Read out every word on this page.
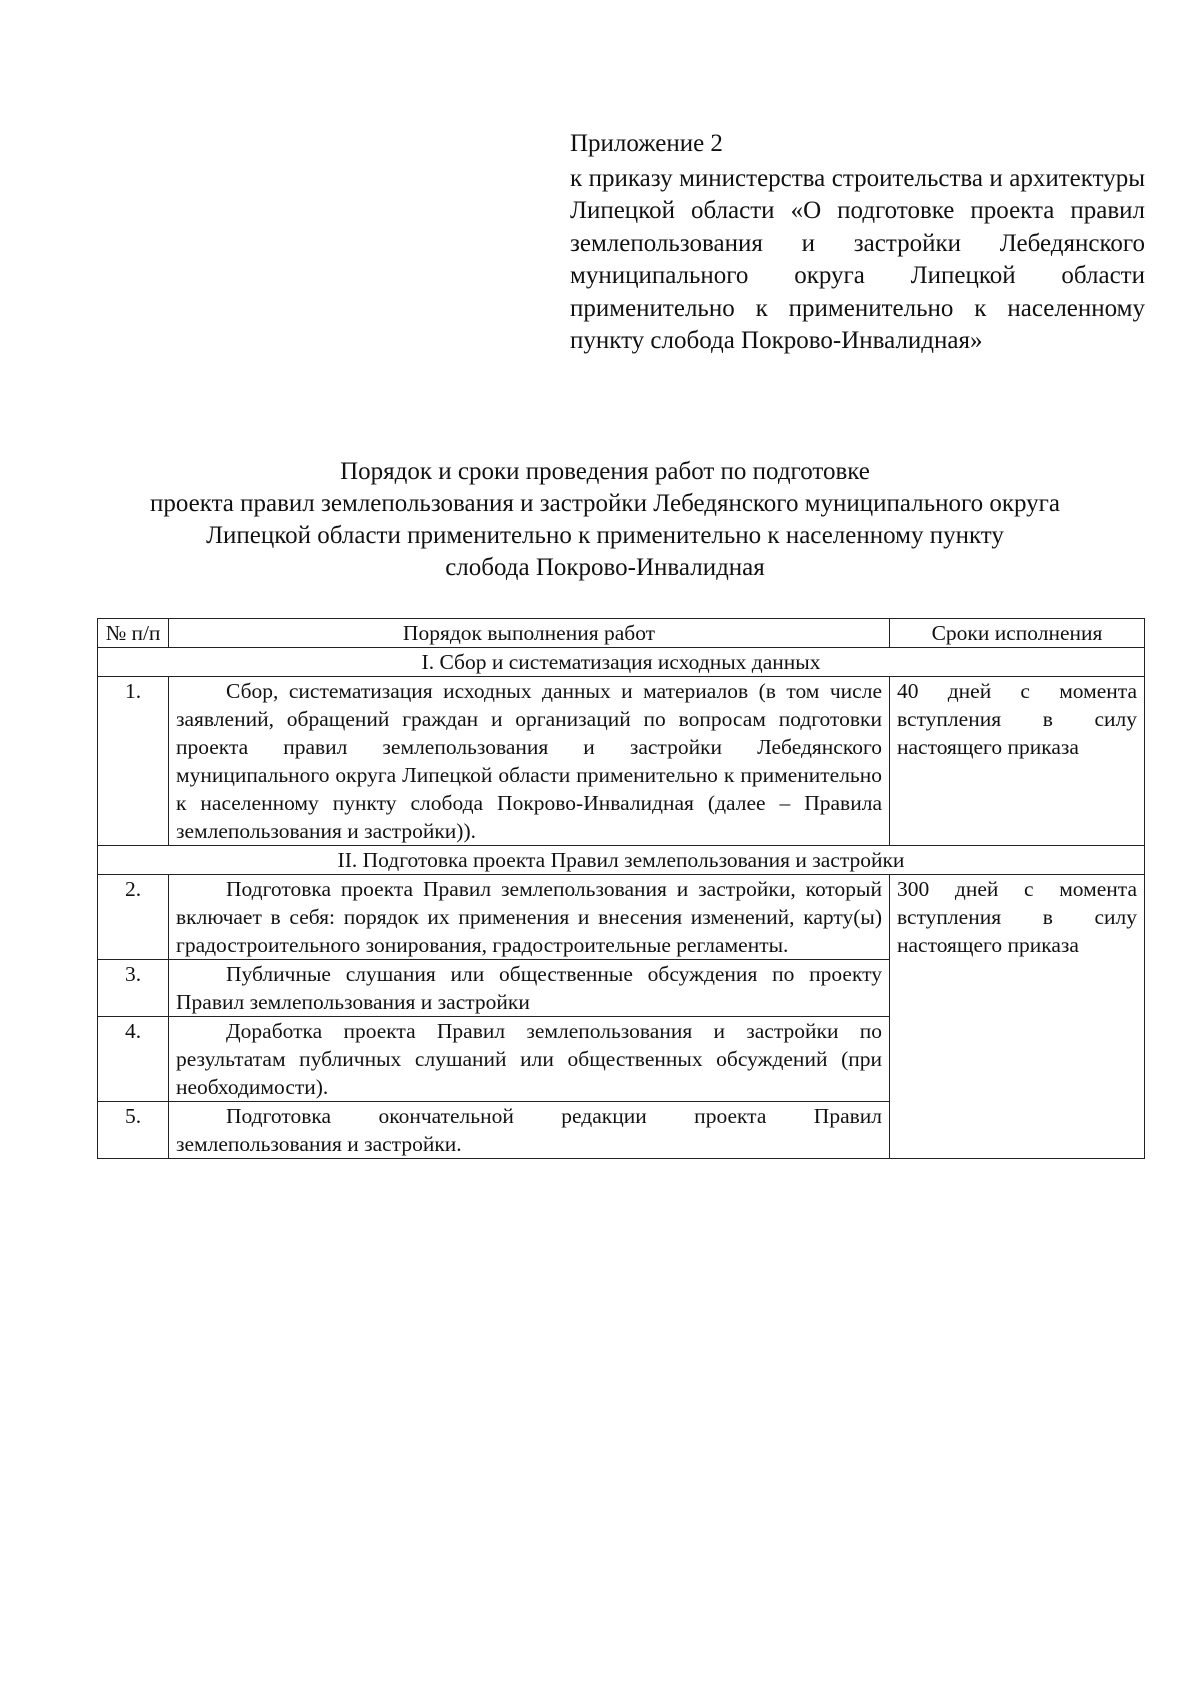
Приложение 2
к приказу министерства строительства и архитектуры Липецкой области «О подготовке проекта правил землепользования и застройки Лебедянского муниципального округа Липецкой области применительно к применительно к населенному пункту слобода Покрово-Инвалидная»
Порядок и сроки проведения работ по подготовке
проекта правил землепользования и застройки Лебедянского муниципального округа
Липецкой области применительно к применительно к населенному пункту
слобода Покрово-Инвалидная
№ п/п	Порядок выполнения работ	Сроки исполнения
I. Сбор и систематизация исходных данных		
1.	Сбор, систематизация исходных данных и материалов (в том числе заявлений, обращений граждан и организаций по вопросам подготовки проекта правил землепользования и застройки Лебедянского муниципального округа Липецкой области применительно к применительно к населенному пункту слобода Покрово-Инвалидная (далее – Правила землепользования и застройки)).	40 дней с момента вступления в силу настоящего приказа
II. Подготовка проекта Правил землепользования и застройки		
2.	Подготовка проекта Правил землепользования и застройки, который включает в себя: порядок их применения и внесения изменений, карту(ы) градостроительного зонирования, градостроительные регламенты.	300 дней с момента вступления в силу настоящего приказа
3.	Публичные слушания или общественные обсуждения по проекту Правил землепользования и застройки	

4.	Доработка проекта Правил землепользования и застройки по результатам публичных слушаний или общественных обсуждений (при необходимости).	

5.	Подготовка окончательной редакции проекта Правил землепользования и застройки.	
